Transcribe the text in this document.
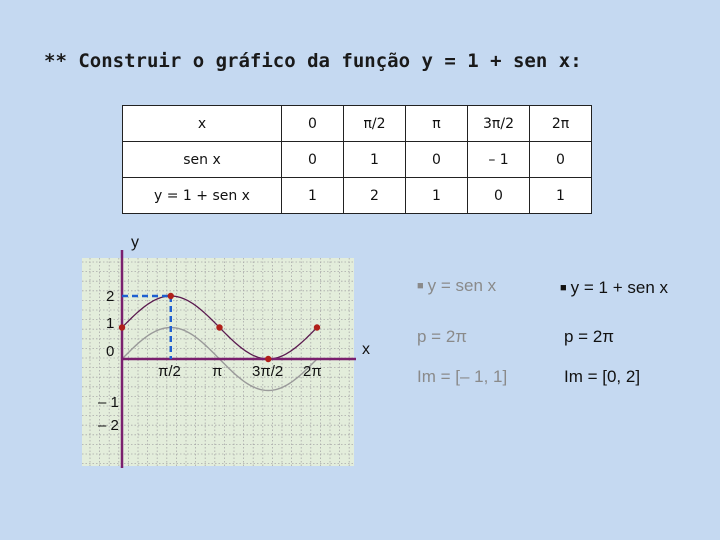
** Construir o gráfico da função y = 1 + sen x:
x	0	π/2	π	3π/2	2π
sen x	0	1	0	– 1	0
y = 1 + sen x	1	2	1	0	1
y
x
2
1
0
– 1
– 2
π/2 π 3π/2 2π
■ y = sen x
p = 2π
Im = [– 1, 1]
■ y = 1 + sen x
p = 2π
Im = [0, 2]
